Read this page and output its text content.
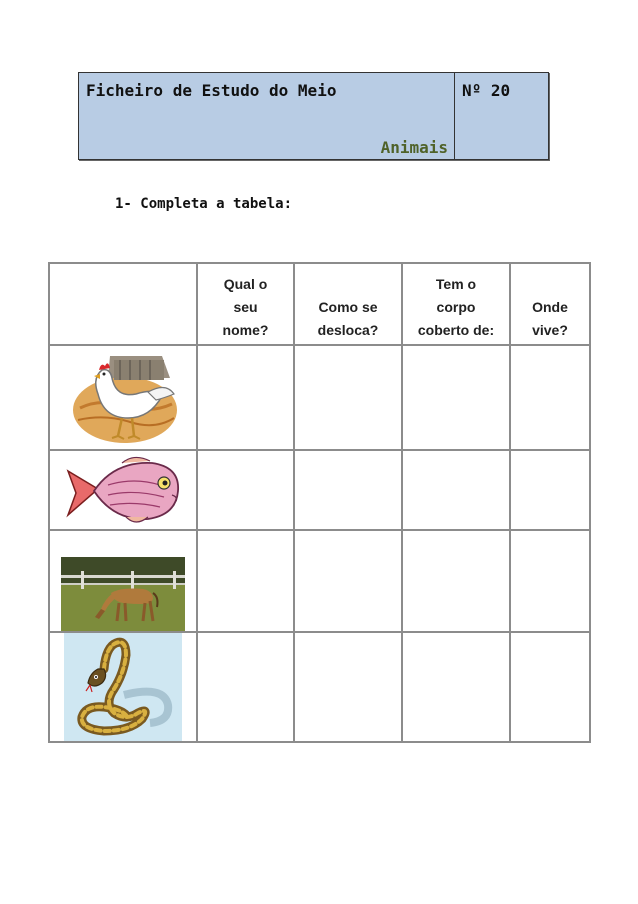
Ficheiro de Estudo do Meio
Animais
Nº 20
1- Completa a tabela:

	Qual o
seu
nome?	Como se
desloca?	Tem o
corpo
coberto de:	Onde
vive?
